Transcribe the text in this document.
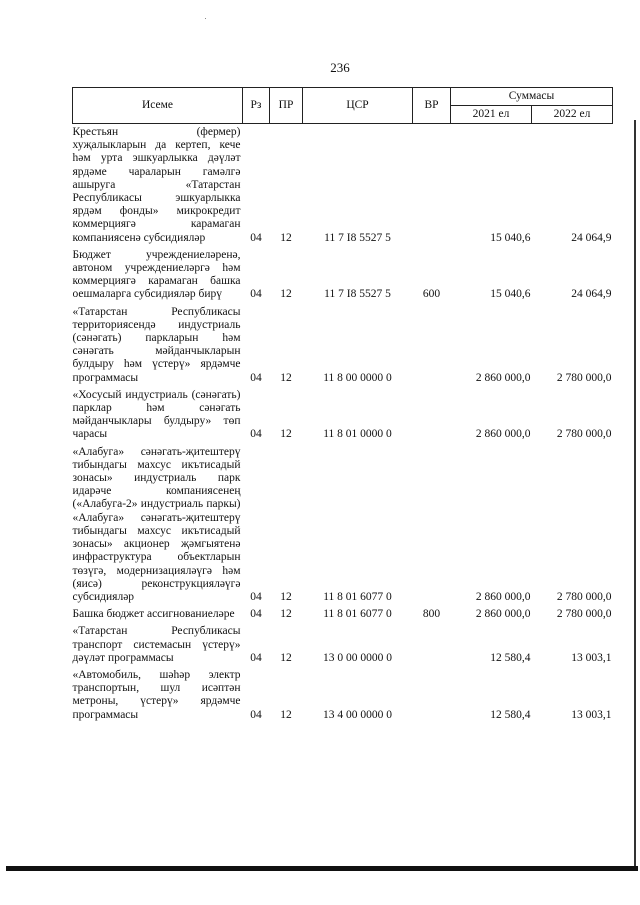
236
Исеме	Рз	ПР	ЦСР	ВР	Суммасы	
					2021 ел	2022 ел
Крестьян (фермер) хуҗалыкларын да кертеп, кече һәм урта эшкуарлыкка дәүләт ярдәме чараларын гамәлгә ашыруга «Татарстан Республикасы эшкуарлыкка ярдәм фонды» микрокредит коммерциягә карамаган компаниясенә субсидияләр	04	12	11 7 I8 5527 5		15 040,6	24 064,9
Бюджет учреждениеләренә, автоном учреждениеләргә һәм коммерциягә карамаган башка оешмаларга субсидияләр бирү	04	12	11 7 I8 5527 5	600	15 040,6	24 064,9
«Татарстан Республикасы территориясендә индустриаль (сәнәгать) паркларын һәм сәнәгать мәйданчыкларын булдыру һәм үстерү» ярдәмче программасы	04	12	11 8 00 0000 0		2 860 000,0	2 780 000,0
«Хосусый индустриаль (сәнәгать) парклар һәм сәнәгать мәйданчыклары булдыру» төп чарасы	04	12	11 8 01 0000 0		2 860 000,0	2 780 000,0
«Алабуга» сәнәгать-җитештерү тибындагы махсус икътисадый зонасы» индустриаль парк идарәче компаниясенең («Алабуга-2» индустриаль паркы) «Алабуга» сәнәгать-җитештерү тибындагы махсус икътисадый зонасы» акционер җәмгыятенә инфраструктура объектларын төзүгә, модернизацияләүгә һәм (яисә) реконструкцияләүгә субсидияләр	04	12	11 8 01 6077 0		2 860 000,0	2 780 000,0
Башка бюджет ассигнованиеләре	04	12	11 8 01 6077 0	800	2 860 000,0	2 780 000,0
«Татарстан Республикасы транспорт системасын үстерү» дәүләт программасы	04	12	13 0 00 0000 0		12 580,4	13 003,1
«Автомобиль, шәһәр электр транспортын, шул исәптән метроны, үстерү» ярдәмче программасы	04	12	13 4 00 0000 0		12 580,4	13 003,1
